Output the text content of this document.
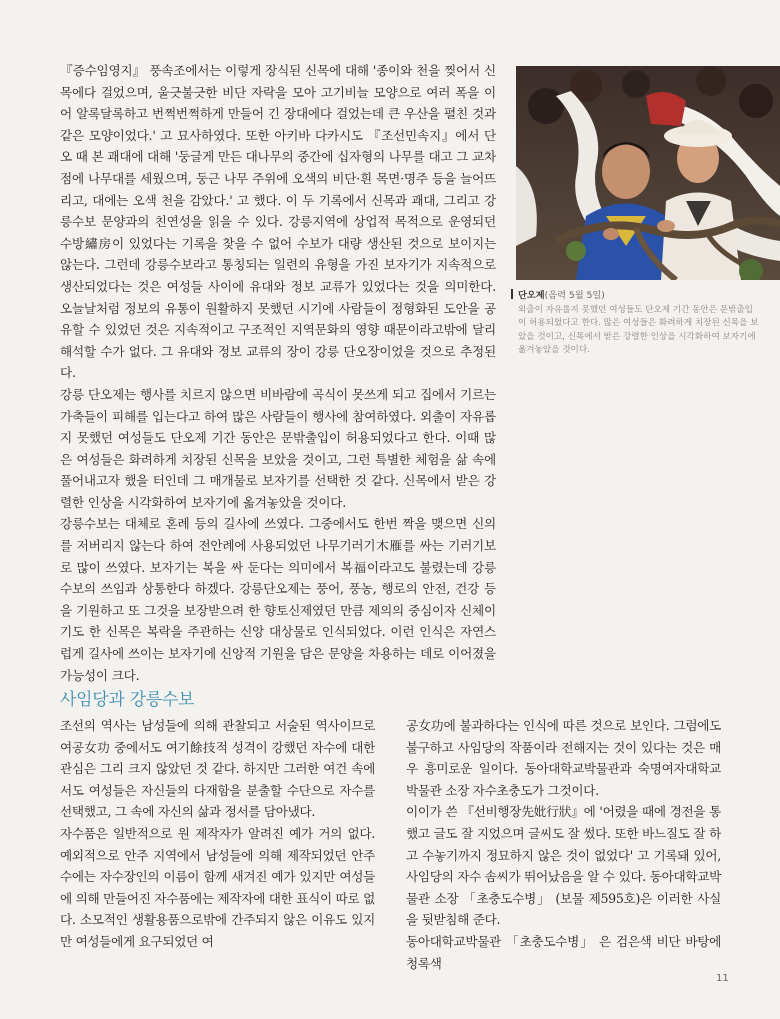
『증수임영지』 풍속조에서는 이렇게 장식된 신목에 대해 '종이와 천을 찢어서 신목에다 걸었으며, 울긋불긋한 비단 자락을 모아 고기비늘 모양으로 여러 폭을 이어 알록달록하고 번쩍번쩍하게 만들어 긴 장대에다 걸었는데 큰 우산을 펼친 것과 같은 모양이었다.' 고 묘사하였다. 또한 아키바 다카시도 『조선민속지』에서 단오 때 본 괘대에 대해 '둥글게 만든 대나무의 중간에 십자형의 나무를 대고 그 교차점에 나무대를 세웠으며, 둥근 나무 주위에 오색의 비단·흰 목면·명주 등을 늘어뜨리고, 대에는 오색 천을 감았다.' 고 했다. 이 두 기록에서 신목과 괘대, 그리고 강릉수보 문양과의 친연성을 읽을 수 있다. 강릉지역에 상업적 목적으로 운영되던 수방繡房이 있었다는 기록을 찾을 수 없어 수보가 대량 생산된 것으로 보이지는 않는다. 그런데 강릉수보라고 통칭되는 일련의 유형을 가진 보자기가 지속적으로 생산되었다는 것은 여성들 사이에 유대와 정보 교류가 있었다는 것을 의미한다. 오늘날처럼 정보의 유통이 원활하지 못했던 시기에 사람들이 정형화된 도안을 공유할 수 있었던 것은 지속적이고 구조적인 지역문화의 영향 때문이라고밖에 달리 해석할 수가 없다. 그 유대와 정보 교류의 장이 강릉 단오장이었을 것으로 추정된다.

강릉 단오제는 행사를 치르지 않으면 비바람에 곡식이 못쓰게 되고 집에서 기르는 가축들이 피해를 입는다고 하여 많은 사람들이 행사에 참여하였다. 외출이 자유롭지 못했던 여성들도 단오제 기간 동안은 문밖출입이 허용되었다고 한다. 이때 많은 여성들은 화려하게 치장된 신목을 보았을 것이고, 그런 특별한 체험을 삶 속에 풀어내고자 했을 터인데 그 매개물로 보자기를 선택한 것 같다. 신목에서 받은 강렬한 인상을 시각화하여 보자기에 옮겨놓았을 것이다.

강릉수보는 대체로 혼례 등의 길사에 쓰였다. 그중에서도 한번 짝을 맺으면 신의를 저버리지 않는다 하여 전안례에 사용되었던 나무기러기木雁를 싸는 기러기보로 많이 쓰였다. 보자기는 복을 싸 둔다는 의미에서 복福이라고도 불렸는데 강릉수보의 쓰임과 상통한다 하겠다. 강릉단오제는 풍어, 풍농, 행로의 안전, 건강 등을 기원하고 또 그것을 보장받으려 한 향토신제였던 만큼 제의의 중심이자 신체이기도 한 신목은 복락을 주관하는 신앙 대상물로 인식되었다. 이런 인식은 자연스럽게 길사에 쓰이는 보자기에 신앙적 기원을 담은 문양을 차용하는 데로 이어졌을 가능성이 크다.

단오제(음력 5월 5일)
외출이 자유롭지 못했던 여성들도 단오제 기간 동안은 문밖출입이 허용되었다고 한다. 많은 여성들은 화려하게 치장된 신목을 보았을 것이고, 신목에서 받은 강렬한 인상을 시각화하여 보자기에 옮겨놓았을 것이다.
사임당과 강릉수보

조선의 역사는 남성들에 의해 관찰되고 서술된 역사이므로 여공女功 중에서도 여기餘技적 성격이 강했던 자수에 대한 관심은 그리 크지 않았던 것 같다. 하지만 그러한 여건 속에서도 여성들은 자신들의 다재함을 분출할 수단으로 자수를 선택했고, 그 속에 자신의 삶과 정서를 담아냈다.

자수품은 일반적으로 원 제작자가 알려진 예가 거의 없다. 예외적으로 안주 지역에서 남성들에 의해 제작되었던 안주수에는 자수장인의 이름이 함께 새겨진 예가 있지만 여성들에 의해 만들어진 자수품에는 제작자에 대한 표식이 따로 없다. 소모적인 생활용품으로밖에 간주되지 않은 이유도 있지만 여성들에게 요구되었던 여

공女功에 불과하다는 인식에 따른 것으로 보인다. 그럼에도 불구하고 사임당의 작품이라 전해지는 것이 있다는 것은 매우 흥미로운 일이다. 동아대학교박물관과 숙명여자대학교박물관 소장 자수초충도가 그것이다.

이이가 쓴 『선비행장先妣行狀』에 '어렸을 때에 경전을 통했고 글도 잘 지었으며 글씨도 잘 썼다. 또한 바느질도 잘 하고 수놓기까지 정묘하지 않은 것이 없었다' 고 기록돼 있어, 사임당의 자수 솜씨가 뛰어났음을 알 수 있다. 동아대학교박물관 소장 「초충도수병」 (보물 제595호)은 이러한 사실을 뒷받침해 준다.

동아대학교박물관 「초충도수병」 은 검은색 비단 바탕에 청록색

11
